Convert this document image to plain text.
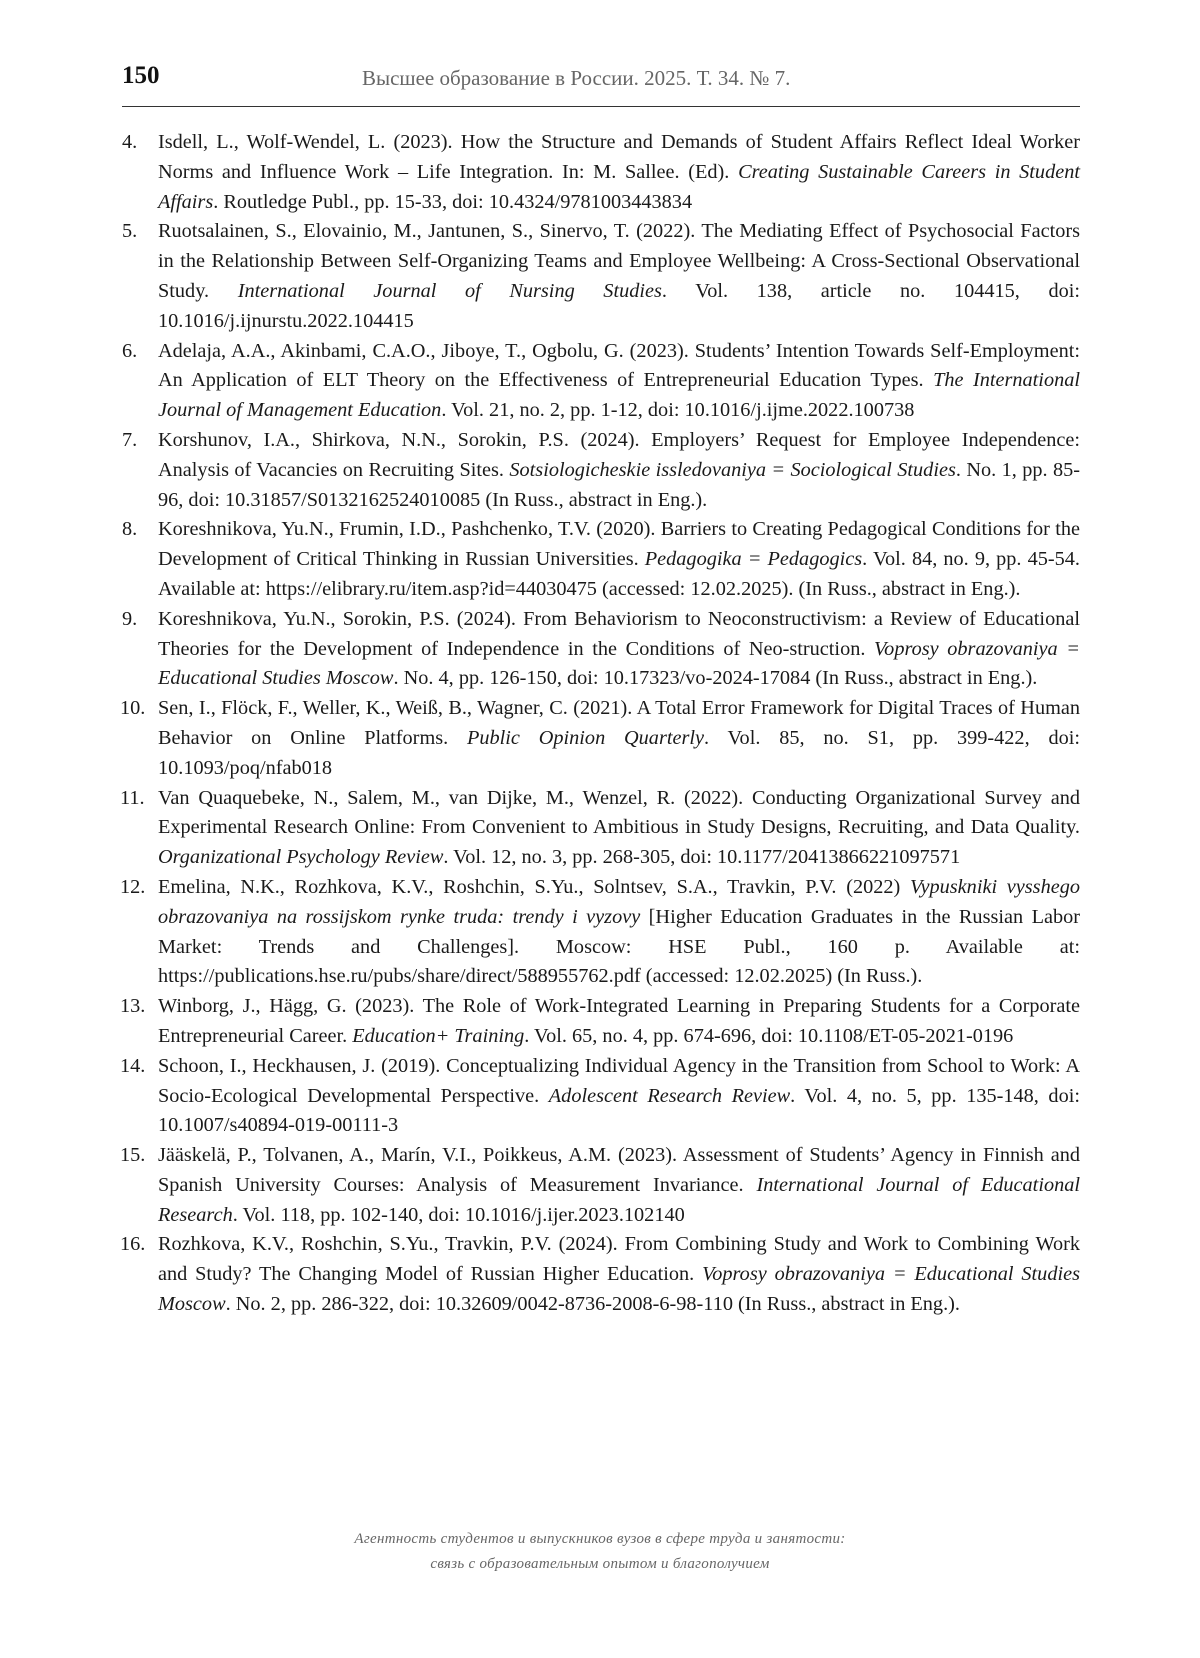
150	Высшее образование в России. 2025. Т. 34. № 7.
4. Isdell, L., Wolf-Wendel, L. (2023). How the Structure and Demands of Student Affairs Reflect Ideal Worker Norms and Influence Work – Life Integration. In: M. Sallee. (Ed). Creating Sustainable Careers in Student Affairs. Routledge Publ., pp. 15-33, doi: 10.4324/9781003443834
5. Ruotsalainen, S., Elovainio, M., Jantunen, S., Sinervo, T. (2022). The Mediating Effect of Psychosocial Factors in the Relationship Between Self-Organizing Teams and Employee Wellbeing: A Cross-Sectional Observational Study. International Journal of Nursing Studies. Vol. 138, article no. 104415, doi: 10.1016/j.ijnurstu.2022.104415
6. Adelaja, A.A., Akinbami, C.A.O., Jiboye, T., Ogbolu, G. (2023). Students’ Intention Towards Self-Employment: An Application of ELT Theory on the Effectiveness of Entrepreneurial Education Types. The International Journal of Management Education. Vol. 21, no. 2, pp. 1-12, doi: 10.1016/j.ijme.2022.100738
7. Korshunov, I.A., Shirkova, N.N., Sorokin, P.S. (2024). Employers’ Request for Employee Independence: Analysis of Vacancies on Recruiting Sites. Sotsiologicheskie issledovaniya = Sociological Studies. No. 1, pp. 85-96, doi: 10.31857/S0132162524010085 (In Russ., abstract in Eng.).
8. Koreshnikova, Yu.N., Frumin, I.D., Pashchenko, T.V. (2020). Barriers to Creating Pedagogical Conditions for the Development of Critical Thinking in Russian Universities. Pedagogika = Pedagogics. Vol. 84, no. 9, pp. 45-54. Available at: https://elibrary.ru/item.asp?id=44030475 (accessed: 12.02.2025). (In Russ., abstract in Eng.).
9. Koreshnikova, Yu.N., Sorokin, P.S. (2024). From Behaviorism to Neoconstructivism: a Review of Educational Theories for the Development of Independence in the Conditions of Neo-struction. Voprosy obrazovaniya = Educational Studies Moscow. No. 4, pp. 126-150, doi: 10.17323/vo-2024-17084 (In Russ., abstract in Eng.).
10. Sen, I., Flöck, F., Weller, K., Weiß, B., Wagner, C. (2021). A Total Error Framework for Digital Traces of Human Behavior on Online Platforms. Public Opinion Quarterly. Vol. 85, no. S1, pp. 399-422, doi: 10.1093/poq/nfab018
11. Van Quaquebeke, N., Salem, M., van Dijke, M., Wenzel, R. (2022). Conducting Organizational Survey and Experimental Research Online: From Convenient to Ambitious in Study Designs, Recruiting, and Data Quality. Organizational Psychology Review. Vol. 12, no. 3, pp. 268-305, doi: 10.1177/20413866221097571
12. Emelina, N.K., Rozhkova, K.V., Roshchin, S.Yu., Solntsev, S.A., Travkin, P.V. (2022) Vypuskniki vysshego obrazovaniya na rossijskom rynke truda: trendy i vyzovy [Higher Education Graduates in the Russian Labor Market: Trends and Challenges]. Moscow: HSE Publ., 160 p. Available at: https://publications.hse.ru/pubs/share/direct/588955762.pdf (accessed: 12.02.2025) (In Russ.).
13. Winborg, J., Hägg, G. (2023). The Role of Work-Integrated Learning in Preparing Students for a Corporate Entrepreneurial Career. Education+ Training. Vol. 65, no. 4, pp. 674-696, doi: 10.1108/ET-05-2021-0196
14. Schoon, I., Heckhausen, J. (2019). Conceptualizing Individual Agency in the Transition from School to Work: A Socio-Ecological Developmental Perspective. Adolescent Research Review. Vol. 4, no. 5, pp. 135-148, doi: 10.1007/s40894-019-00111-3
15. Jääskelä, P., Tolvanen, A., Marín, V.I., Poikkeus, A.M. (2023). Assessment of Students’ Agency in Finnish and Spanish University Courses: Analysis of Measurement Invariance. International Journal of Educational Research. Vol. 118, pp. 102-140, doi: 10.1016/j.ijer.2023.102140
16. Rozhkova, K.V., Roshchin, S.Yu., Travkin, P.V. (2024). From Combining Study and Work to Combining Work and Study? The Changing Model of Russian Higher Education. Voprosy obrazovaniya = Educational Studies Moscow. No. 2, pp. 286-322, doi: 10.32609/0042-8736-2008-6-98-110 (In Russ., abstract in Eng.).
Агентность студентов и выпускников вузов в сфере труда и занятости:
связь с образовательным опытом и благополучием
